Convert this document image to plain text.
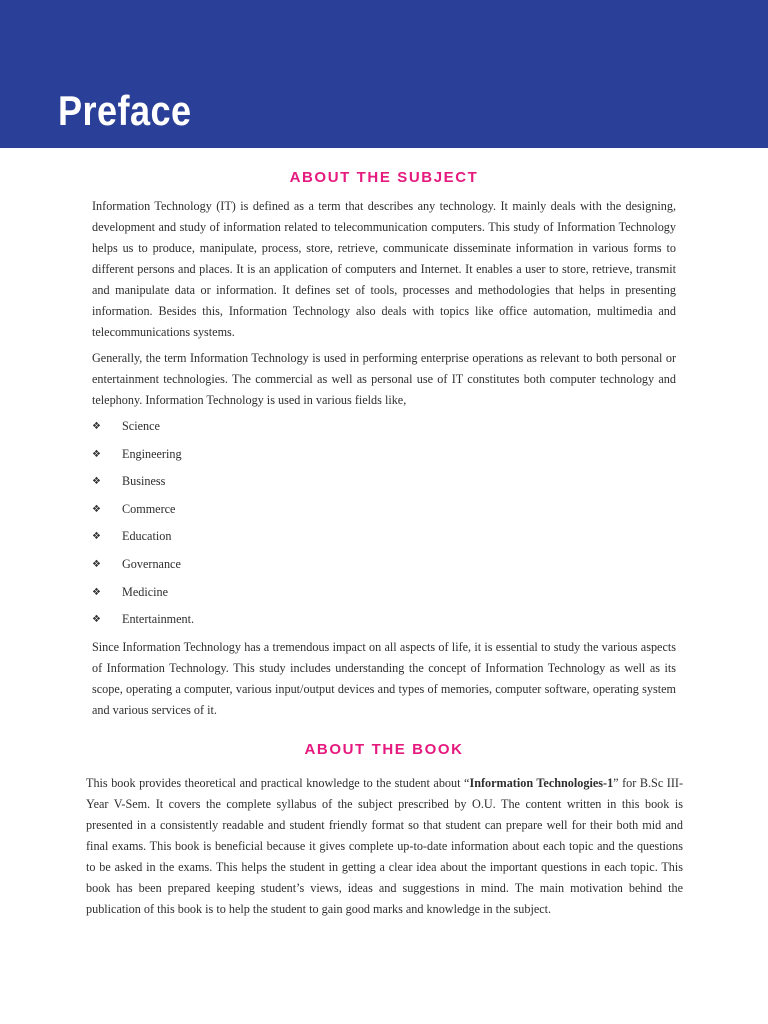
Preface
ABOUT THE SUBJECT

Information Technology (IT) is defined as a term that describes any technology. It mainly deals with the designing, development and study of information related to telecommunication computers. This study of Information Technology helps us to produce, manipulate, process, store, retrieve, communicate disseminate information in various forms to different persons and places. It is an application of computers and Internet. It enables a user to store, retrieve, transmit and manipulate data or information. It defines set of tools, processes and methodologies that helps in presenting information. Besides this, Information Technology also deals with topics like office automation, multimedia and telecommunications systems.

Generally, the term Information Technology is used in performing enterprise operations as relevant to both personal or entertainment technologies. The commercial as well as personal use of IT constitutes both computer technology and telephony. Information Technology is used in various fields like,

❖	Science
❖	Engineering
❖	Business
❖	Commerce
❖	Education
❖	Governance
❖	Medicine
❖	Entertainment.

Since Information Technology has a tremendous impact on all aspects of life, it is essential to study the various aspects of Information Technology. This study includes understanding the concept of Information Technology as well as its scope, operating a computer, various input/output devices and types of memories, computer software, operating system and various services of it.

ABOUT THE BOOK

This book provides theoretical and practical knowledge to the student about “Information Technologies-1” for B.Sc III-Year V-Sem. It covers the complete syllabus of the subject prescribed by O.U. The content written in this book is presented in a consistently readable and student friendly format so that student can prepare well for their both mid and final exams. This book is beneficial because it gives complete up-to-date information about each topic and the questions to be asked in the exams. This helps the student in getting a clear idea about the important questions in each topic. This book has been prepared keeping student’s views, ideas and suggestions in mind. The main motivation behind the publication of this book is to help the student to gain good marks and knowledge in the subject.
